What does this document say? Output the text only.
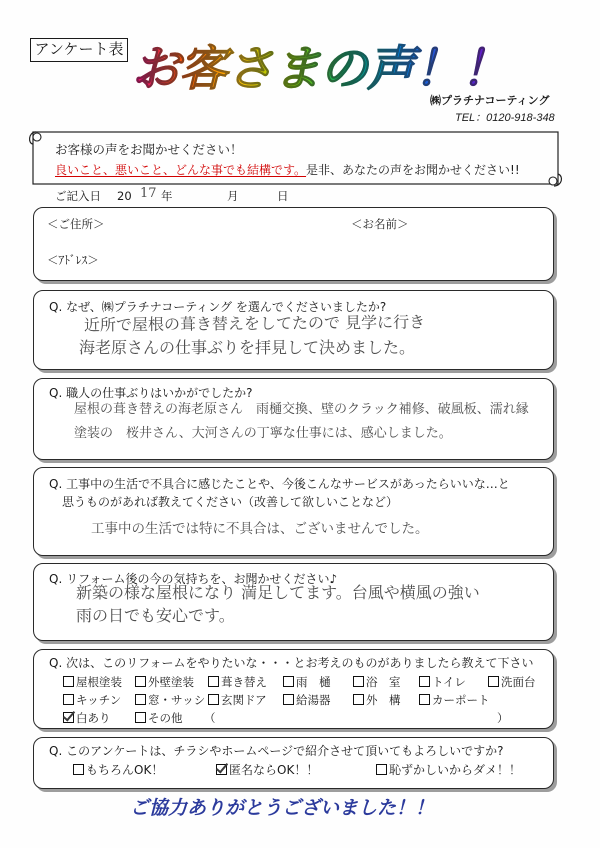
アンケート表 お客さまの声！！
㈱プラチナコーティング
TEL：0120-918-348
お客様の声をお聞かせください！
良いこと、悪いこと、どんな事でも結構です。是非、あなたの声をお聞かせください!!
ご記入日 20 17 年	月	日
＜ご住所＞	＜お名前＞
＜ｱﾄﾞﾚｽ＞
Q. なぜ、㈱プラチナコーティング を選んでくださいましたか?
近所で屋根の葺き替えをしてたので 見学に行き
海老原さんの仕事ぶりを拝見して決めました。
Q. 職人の仕事ぶりはいかがでしたか?
屋根の葺き替えの海老原さん　雨樋交換、壁のクラック補修、破風板、濡れ縁
塗装の　桜井さん、大河さんの丁寧な仕事には、感心しました。
Q. 工事中の生活で不具合に感じたことや、今後こんなサービスがあったらいいな…と
思うものがあれば教えてください（改善して欲しいことなど）
工事中の生活では特に不具合は、ございませんでした。
Q. リフォーム後の今の気持ちを、お聞かせください♪
新築の様な屋根になり 満足してます。台風や横風の強い
雨の日でも安心です。
Q. 次は、このリフォームをやりたいな・・・とお考えのものがありましたら教えて下さい
屋根塗装	外壁塗装	葺き替え	雨　樋	浴　室	トイレ	洗面台
キッチン	窓・サッシ	玄関ドア	給湯器	外　構	カーポート
白あり	その他 （	）
Q. このアンケートは、チラシやホームページで紹介させて頂いてもよろしいですか?
もちろんOK！	匿名ならOK！！	恥ずかしいからダメ！！
ご協力ありがとうございました！！
